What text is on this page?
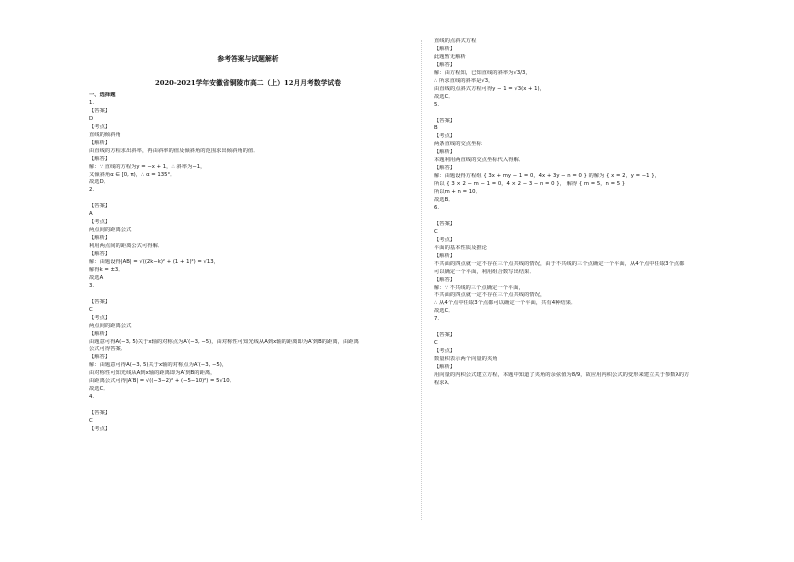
参考答案与试题解析
2020-2021学年安徽省铜陵市高二（上）12月月考数学试卷
一、选择题
1.
【答案】
D
【考点】
直线的倾斜角
【解析】
由直线的方程求出斜率，再由斜率的值及倾斜角的范围求出倾斜角的值．
【解答】
解：∵ 直线的方程为y = −x + 1，∴ 斜率为−1，
又倾斜角α ∈ [0, π)，∴ α = 135°．
故选D．
2.
【答案】
A
【考点】
两点间的距离公式
【解析】
利用两点间的距离公式可得解．
【解答】
解：由题设得|AB| = √((2k−k)² + (1 + 1)²) = √13，
解得k = ±3．
故选A
3.
【答案】
C
【考点】
两点间的距离公式
【解析】
由题意可得A(−3, 5)关于x轴的对称点为A′(−3, −5)，由对称性可知光线从A到x轴的距离即为A′到B的距离，由距离
公式可得答案．
【解答】
解：由题意可得A(−3, 5)关于x轴的对称点为A′(−3, −5)，
由对称性可知光线从A到x轴的距离即为A′到B的距离，
由距离公式可得|A′B| = √((−3−2)² + (−5−10)²) = 5√10．
故选C．
4.
【答案】
C
【考点】
直线的点斜式方程
【解析】
此题暂无解析
【解答】
解：由方程知，已知直线的斜率为√3/3，
∴ 所求直线的斜率是√3，
由直线的点斜式方程可得y − 1 = √3(x + 1)，
故选C．
5.
【答案】
B
【考点】
两条直线的交点坐标
【解析】
本题利用两直线的交点坐标代入得解．
【解答】
解：由题设得方程组 { 3x + my − 1 = 0，4x + 3y − n = 0 } 的解为 { x = 2，y = −1 }，
所以 { 3 × 2 − m − 1 = 0，4 × 2 − 3 − n = 0 }， 解得 { m = 5，n = 5 }
所以m + n = 10．
故选B．
6.
【答案】
C
【考点】
平面的基本性质及推论
【解析】
不共面的四点就一定不存在三个点共线的情况，由于不共线的三个点确定一个平面，从4个点中任取3个点都
可以确定一个平面，利用组合数写出结果．
【解答】
解：∵ 不共线的三个点确定一个平面，
不共面的四点就一定不存在三个点共线的情况，
∴ 从4个点中任取3个点都可以确定一个平面，共有4种结果．
故选C．
7.
【答案】
C
【考点】
数量积表示两个向量的夹角
【解析】
用向量的内积公式建立方程，本题中知道了夹角的余弦值为8/9，故应用内积公式的变形来建立关于参数λ的方
程求λ．
